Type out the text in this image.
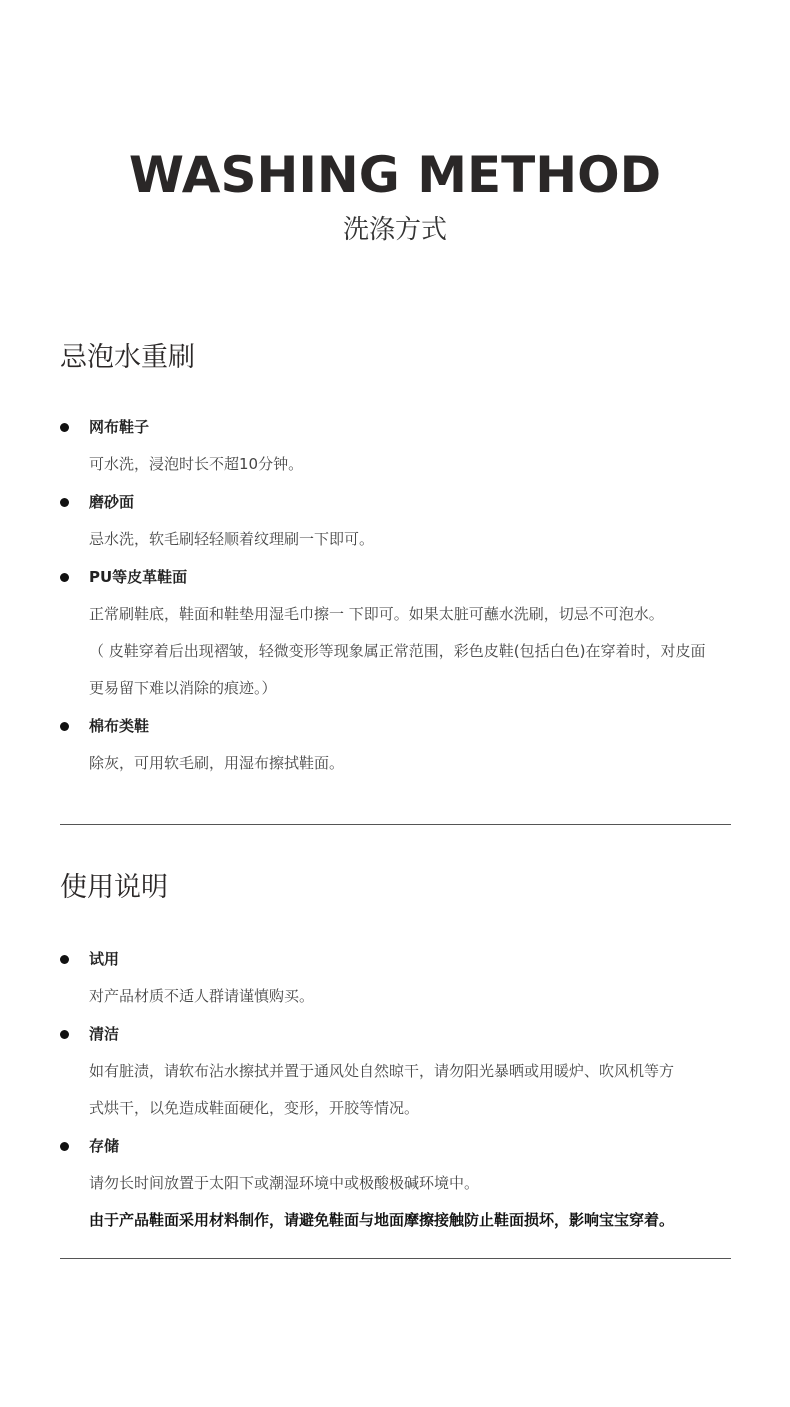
WASHING METHOD
洗涤方式
忌泡水重刷
网布鞋子
可水洗，浸泡时长不超10分钟。
磨砂面
忌水洗，软毛刷轻轻顺着纹理刷一下即可。
PU等皮革鞋面
正常刷鞋底，鞋面和鞋垫用湿毛巾擦一 下即可。如果太脏可蘸水洗刷，切忌不可泡水。
（ 皮鞋穿着后出现褶皱，轻微变形等现象属正常范围，彩色皮鞋(包括白色)在穿着时，对皮面
更易留下难以消除的痕迹。）
棉布类鞋
除灰，可用软毛刷，用湿布擦拭鞋面。
使用说明
试用
对产品材质不适人群请谨慎购买。
清洁
如有脏渍，请软布沾水擦拭并置于通风处自然晾干，请勿阳光暴晒或用暖炉、吹风机等方
式烘干，以免造成鞋面硬化，变形，开胶等情况。
存储
请勿长时间放置于太阳下或潮湿环境中或极酸极碱环境中。
由于产品鞋面采用材料制作，请避免鞋面与地面摩擦接触防止鞋面损坏，影响宝宝穿着。
